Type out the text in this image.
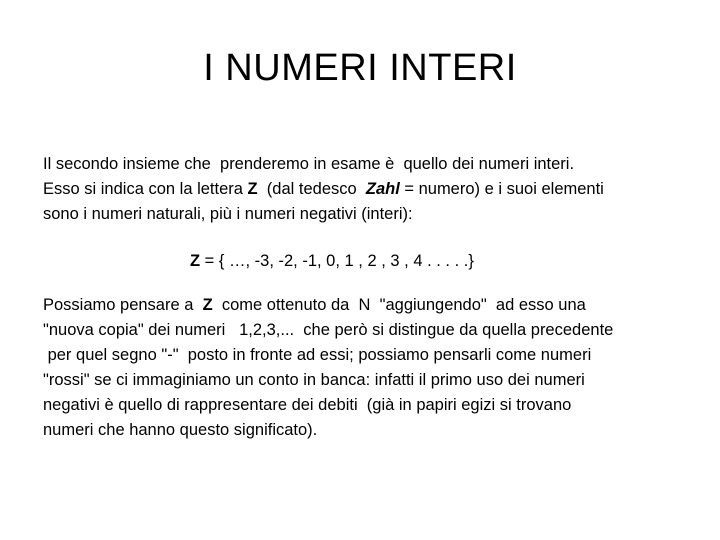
I NUMERI INTERI

Il secondo insieme che  prenderemo in esame è  quello dei numeri interi.
Esso si indica con la lettera Z  (dal tedesco  Zahl = numero) e i suoi elementi
sono i numeri naturali, più i numeri negativi (interi):

Z = { …, -3, -2, -1, 0, 1 , 2 , 3 , 4 . . . . .}

Possiamo pensare a  Z  come ottenuto da  N  "aggiungendo"  ad esso una
"nuova copia" dei numeri   1,2,3,...  che però si distingue da quella precedente
per quel segno "-"  posto in fronte ad essi; possiamo pensarli come numeri
"rossi" se ci immaginiamo un conto in banca: infatti il primo uso dei numeri
negativi è quello di rappresentare dei debiti  (già in papiri egizi si trovano
numeri che hanno questo significato).
